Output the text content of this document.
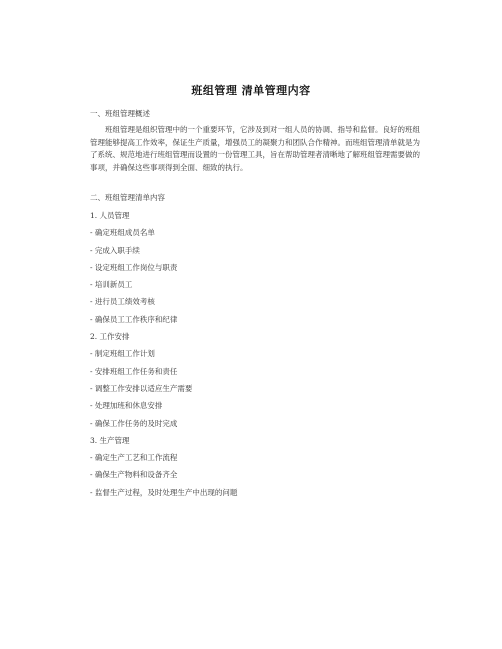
班组管理 清单管理内容
一、班组管理概述
班组管理是组织管理中的一个重要环节，它涉及到对一组人员的协调、指导和监督。良好的班组管理能够提高工作效率，保证生产质量，增强员工的凝聚力和团队合作精神。而班组管理清单就是为了系统、规范地进行班组管理而设置的一份管理工具，旨在帮助管理者清晰地了解班组管理需要做的事项，并确保这些事项得到全面、细致的执行。
二、班组管理清单内容
1. 人员管理
- 确定班组成员名单
- 完成入职手续
- 设定班组工作岗位与职责
- 培训新员工
- 进行员工绩效考核
- 确保员工工作秩序和纪律
2. 工作安排
- 制定班组工作计划
- 安排班组工作任务和责任
- 调整工作安排以适应生产需要
- 处理加班和休息安排
- 确保工作任务的及时完成
3. 生产管理
- 确定生产工艺和工作流程
- 确保生产物料和设备齐全
- 监督生产过程，及时处理生产中出现的问题
